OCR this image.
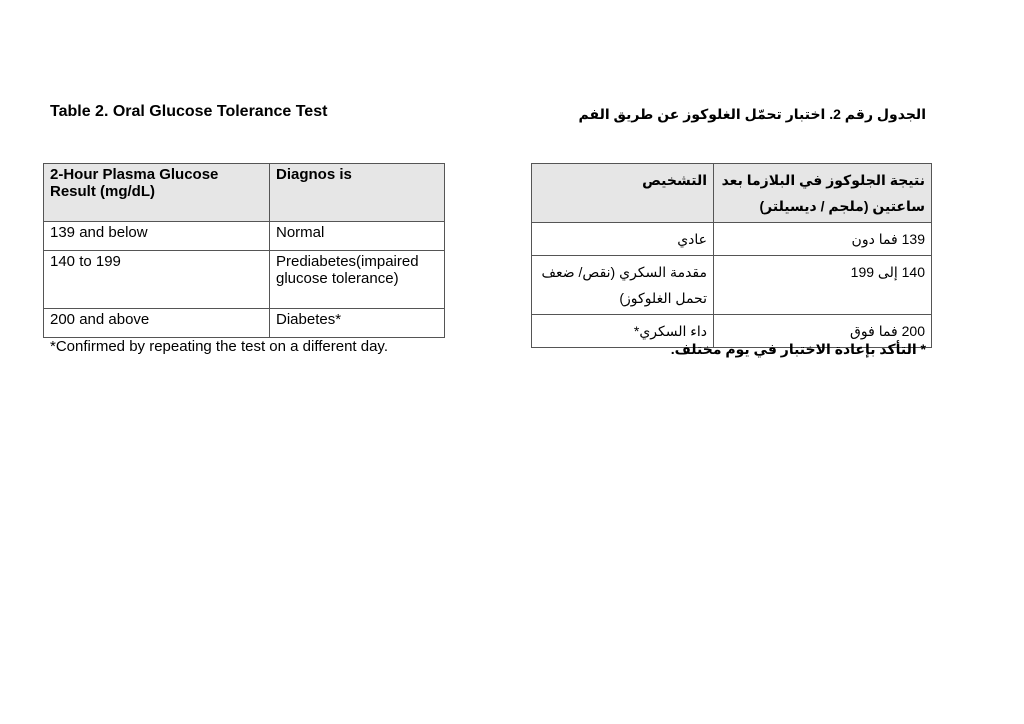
Table 2. Oral Glucose Tolerance Test	الجدول رقم 2. اختبار تحمّل الغلوكوز عن طريق الفم
2-Hour Plasma Glucose Result (mg/dL)	Diagnos is
139 and below	Normal
140 to 199	Prediabetes(impaired glucose tolerance)
200 and above	Diabetes*
*Confirmed by repeating the test on a different day.
نتيجة الجلوكوز في البلازما بعد ساعتين (ملجم / ديسيلتر)	التشخيص
139 فما دون	عادي
140 إلى 199	مقدمة السكري (نقص/ ضعف تحمل الغلوكوز)
200 فما فوق	داء السكري*
* التأكد بإعادة الاختبار في يوم مختلف.
